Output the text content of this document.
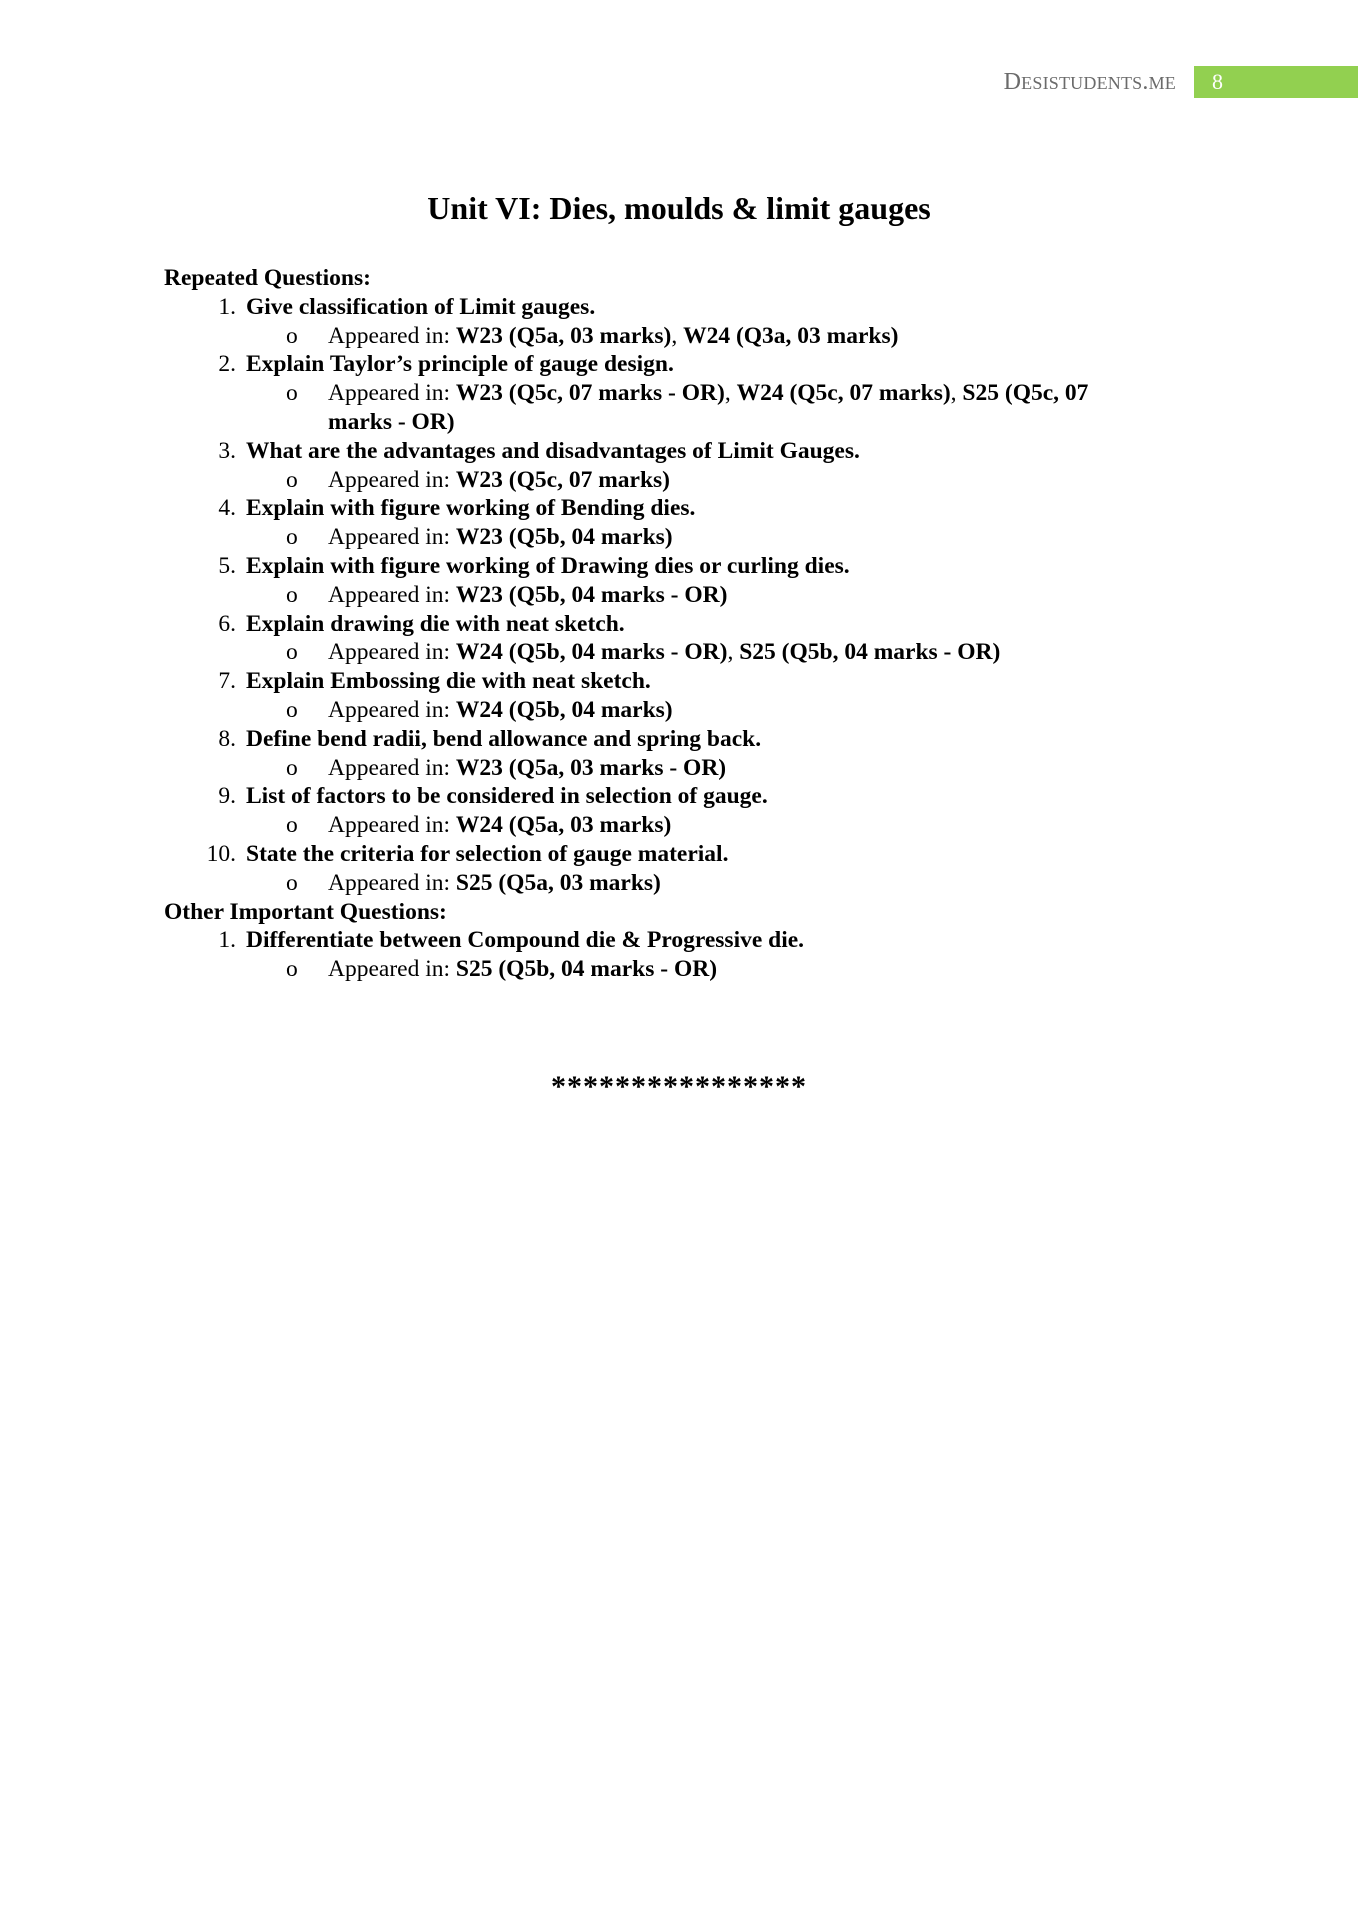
DESISTUDENTS.ME 8
Unit VI: Dies, moulds & limit gauges
Repeated Questions:
1. Give classification of Limit gauges.
o	Appeared in: W23 (Q5a, 03 marks), W24 (Q3a, 03 marks)
2. Explain Taylor’s principle of gauge design.
o	Appeared in: W23 (Q5c, 07 marks - OR), W24 (Q5c, 07 marks), S25 (Q5c, 07 marks - OR)
3. What are the advantages and disadvantages of Limit Gauges.
o	Appeared in: W23 (Q5c, 07 marks)
4. Explain with figure working of Bending dies.
o	Appeared in: W23 (Q5b, 04 marks)
5. Explain with figure working of Drawing dies or curling dies.
o	Appeared in: W23 (Q5b, 04 marks - OR)
6. Explain drawing die with neat sketch.
o	Appeared in: W24 (Q5b, 04 marks - OR), S25 (Q5b, 04 marks - OR)
7. Explain Embossing die with neat sketch.
o	Appeared in: W24 (Q5b, 04 marks)
8. Define bend radii, bend allowance and spring back.
o	Appeared in: W23 (Q5a, 03 marks - OR)
9. List of factors to be considered in selection of gauge.
o	Appeared in: W24 (Q5a, 03 marks)
10. State the criteria for selection of gauge material.
o	Appeared in: S25 (Q5a, 03 marks)
Other Important Questions:
1. Differentiate between Compound die & Progressive die.
o	Appeared in: S25 (Q5b, 04 marks - OR)
****************
